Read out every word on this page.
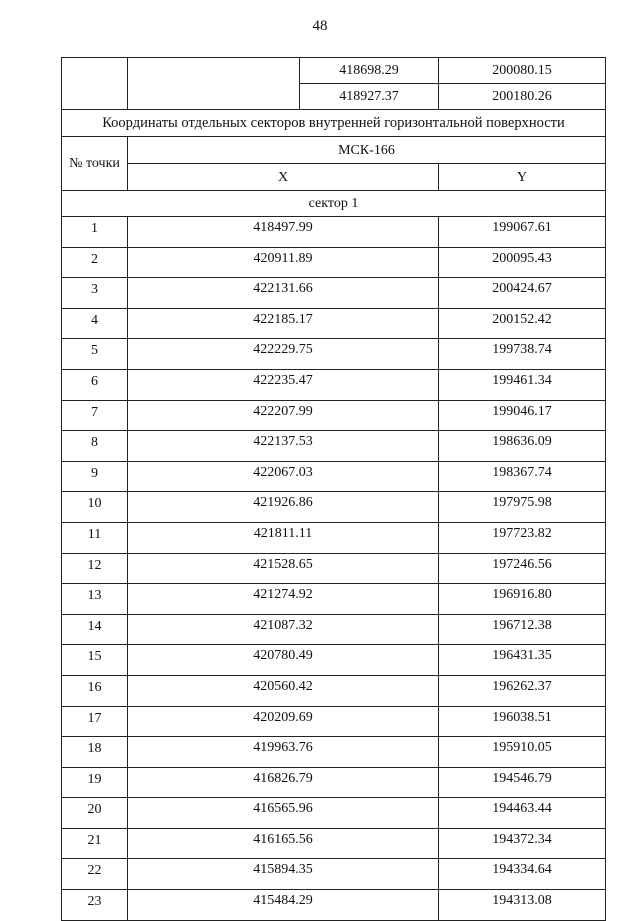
48
		418698.29	200080.15
		418927.37	200180.26
Координаты отдельных секторов внутренней горизонтальной поверхности			
№ точки	МСК-166		
	X		Y
сектор 1			
1	418497.99		199067.61
2	420911.89		200095.43
3	422131.66		200424.67
4	422185.17		200152.42
5	422229.75		199738.74
6	422235.47		199461.34
7	422207.99		199046.17
8	422137.53		198636.09
9	422067.03		198367.74
10	421926.86		197975.98
11	421811.11		197723.82
12	421528.65		197246.56
13	421274.92		196916.80
14	421087.32		196712.38
15	420780.49		196431.35
16	420560.42		196262.37
17	420209.69		196038.51
18	419963.76		195910.05
19	416826.79		194546.79
20	416565.96		194463.44
21	416165.56		194372.34
22	415894.35		194334.64
23	415484.29		194313.08
